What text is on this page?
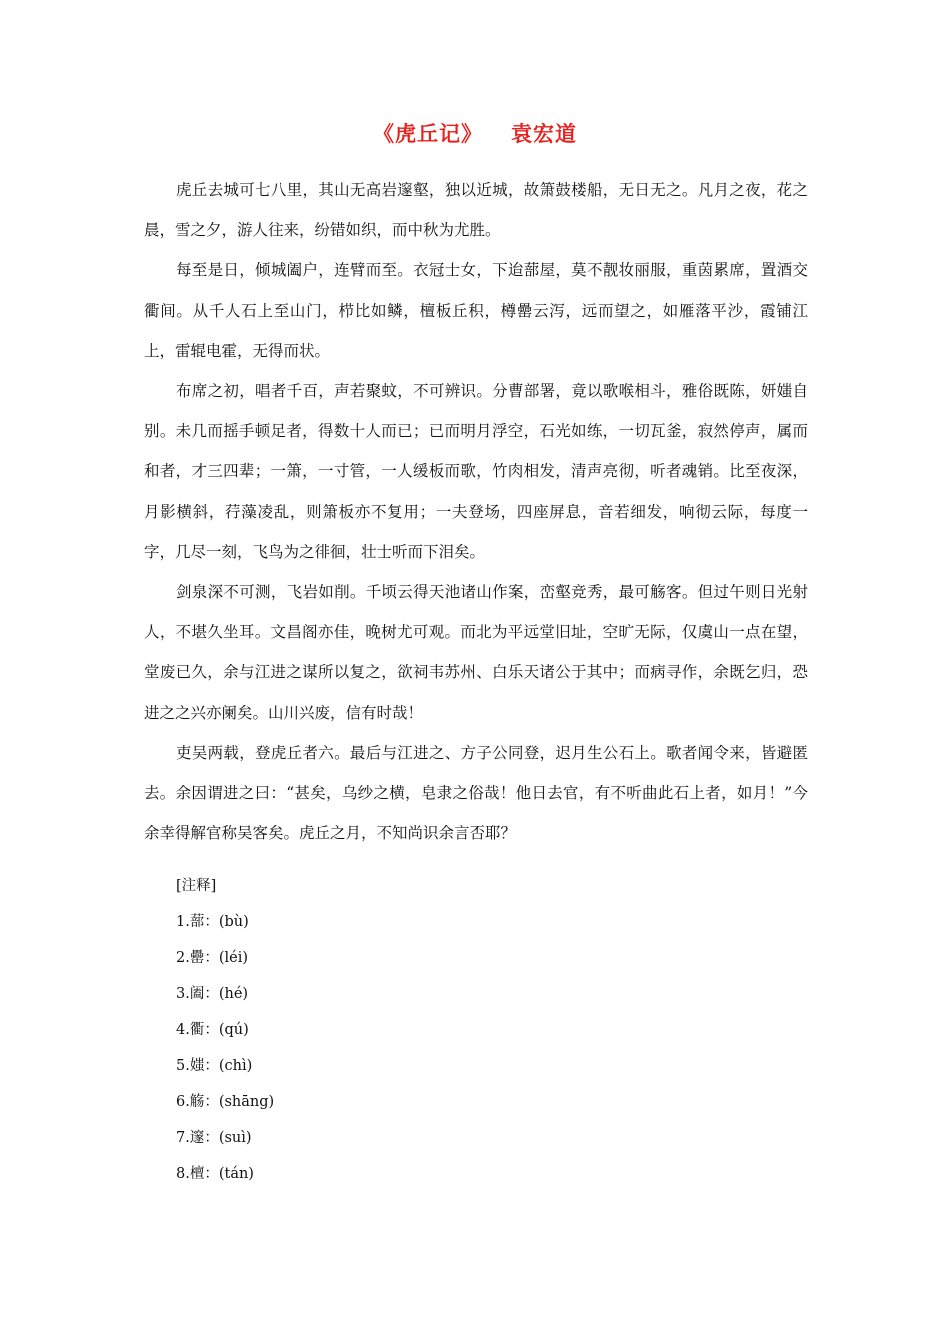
《虎丘记》 袁宏道

虎丘去城可七八里，其山无高岩邃壑，独以近城，故箫鼓楼船，无日无之。凡月之夜，花之晨，雪之夕，游人往来，纷错如织，而中秋为尤胜。

每至是日，倾城阖户，连臂而至。衣冠士女，下迨蔀屋，莫不靓妆丽服，重茵累席，置酒交衢间。从千人石上至山门，栉比如鳞，檀板丘积，樽罍云泻，远而望之，如雁落平沙，霞铺江上，雷辊电霍，无得而状。

布席之初，唱者千百，声若聚蚊，不可辨识。分曹部署，竟以歌喉相斗，雅俗既陈，妍媸自别。未几而摇手顿足者，得数十人而已；已而明月浮空，石光如练，一切瓦釜，寂然停声，属而和者，才三四辈；一箫，一寸管，一人缓板而歌，竹肉相发，清声亮彻，听者魂销。比至夜深，月影横斜，荇藻凌乱，则箫板亦不复用；一夫登场，四座屏息，音若细发，响彻云际，每度一字，几尽一刻，飞鸟为之徘徊，壮士听而下泪矣。

剑泉深不可测，飞岩如削。千顷云得天池诸山作案，峦壑竞秀，最可觞客。但过午则日光射人，不堪久坐耳。文昌阁亦佳，晚树尤可观。而北为平远堂旧址，空旷无际，仅虞山一点在望，堂废已久，余与江进之谋所以复之，欲祠韦苏州、白乐天诸公于其中；而病寻作，余既乞归，恐进之之兴亦阑矣。山川兴废，信有时哉！

吏吴两载，登虎丘者六。最后与江进之、方子公同登，迟月生公石上。歌者闻令来，皆避匿去。余因谓进之曰：“甚矣，乌纱之横，皂隶之俗哉！他日去官，有不听曲此石上者，如月！”今余幸得解官称吴客矣。虎丘之月，不知尚识余言否耶？

[注释]
1.蔀：(bù)
2.罍：(léi)
3.阖：(hé)
4.衢：(qú)
5.媸：(chì)
6.觞：(shāng)
7.邃：(suì)
8.檀：(tán)
